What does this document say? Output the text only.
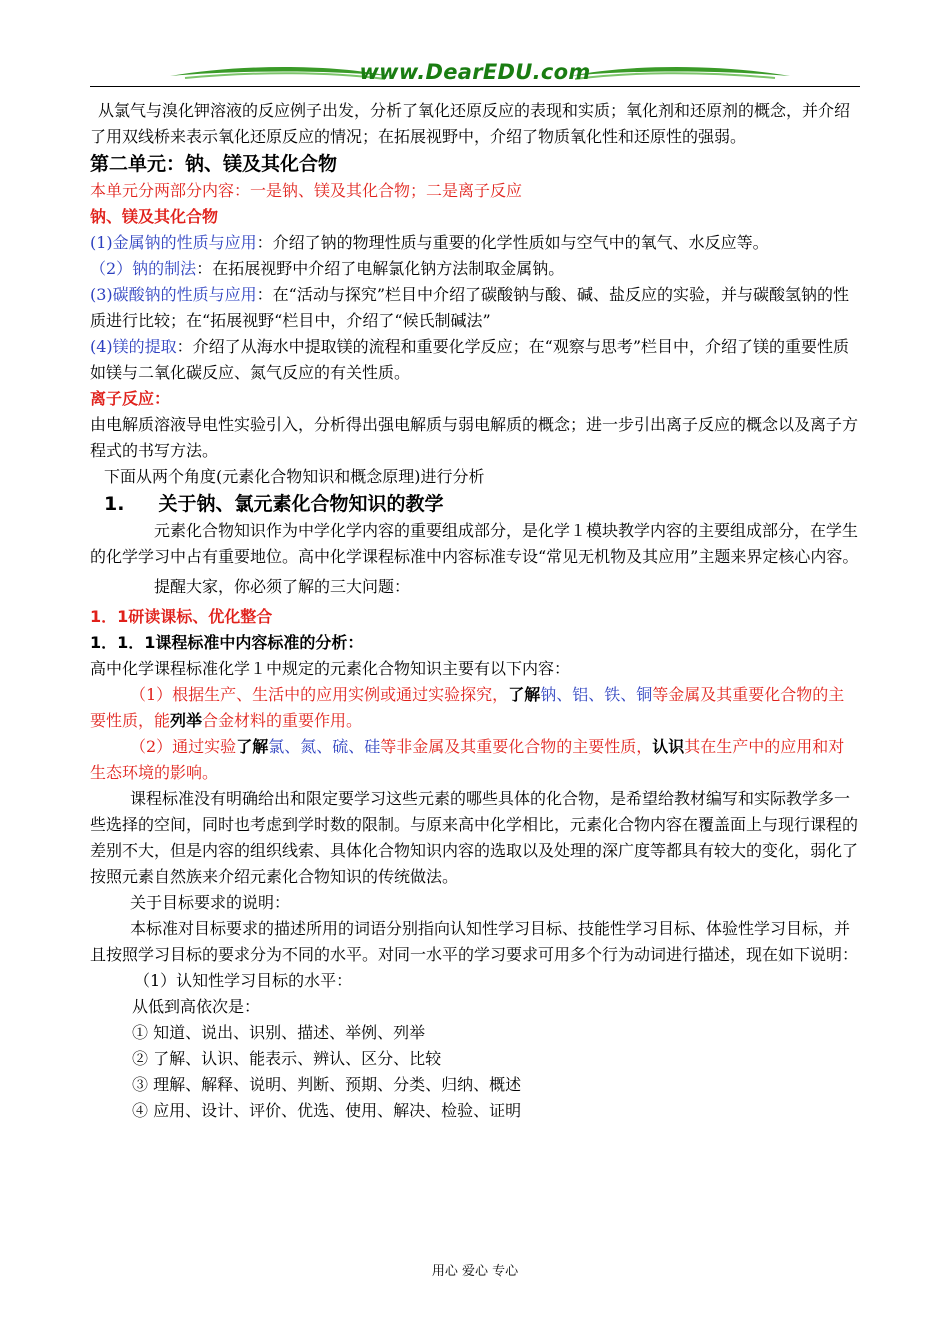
www.DearEDU.com

从氯气与溴化钾溶液的反应例子出发，分析了氧化还原反应的表现和实质；氧化剂和还原剂的概念，并介绍了用双线桥来表示氧化还原反应的情况；在拓展视野中，介绍了物质氧化性和还原性的强弱。

第二单元：钠、镁及其化合物

本单元分两部分内容：一是钠、镁及其化合物；二是离子反应

钠、镁及其化合物

(1)金属钠的性质与应用：介绍了钠的物理性质与重要的化学性质如与空气中的氧气、水反应等。

（2）钠的制法：在拓展视野中介绍了电解氯化钠方法制取金属钠。

(3)碳酸钠的性质与应用：在“活动与探究”栏目中介绍了碳酸钠与酸、碱、盐反应的实验，并与碳酸氢钠的性质进行比较；在“拓展视野“栏目中，介绍了“候氏制碱法”

(4)镁的提取：介绍了从海水中提取镁的流程和重要化学反应；在“观察与思考”栏目中，介绍了镁的重要性质如镁与二氧化碳反应、氮气反应的有关性质。

离子反应：

由电解质溶液导电性实验引入，分析得出强电解质与弱电解质的概念；进一步引出离子反应的概念以及离子方程式的书写方法。

下面从两个角度(元素化合物知识和概念原理)进行分析

1. 关于钠、氯元素化合物知识的教学

元素化合物知识作为中学化学内容的重要组成部分，是化学１模块教学内容的主要组成部分，在学生的化学学习中占有重要地位。高中化学课程标准中内容标准专设“常见无机物及其应用”主题来界定核心内容。

提醒大家，你必须了解的三大问题：

1．1研读课标、优化整合

1．1．1课程标准中内容标准的分析：

高中化学课程标准化学１中规定的元素化合物知识主要有以下内容：

（1）根据生产、生活中的应用实例或通过实验探究，了解钠、铝、铁、铜等金属及其重要化合物的主要性质，能列举合金材料的重要作用。

（2）通过实验了解氯、氮、硫、硅等非金属及其重要化合物的主要性质，认识其在生产中的应用和对生态环境的影响。

课程标准没有明确给出和限定要学习这些元素的哪些具体的化合物，是希望给教材编写和实际教学多一些选择的空间，同时也考虑到学时数的限制。与原来高中化学相比，元素化合物内容在覆盖面上与现行课程的差别不大，但是内容的组织线索、具体化合物知识内容的选取以及处理的深广度等都具有较大的变化，弱化了按照元素自然族来介绍元素化合物知识的传统做法。

关于目标要求的说明：

本标准对目标要求的描述所用的词语分别指向认知性学习目标、技能性学习目标、体验性学习目标，并且按照学习目标的要求分为不同的水平。对同一水平的学习要求可用多个行为动词进行描述，现在如下说明：

（1）认知性学习目标的水平：

从低到高依次是：

① 知道、说出、识别、描述、举例、列举

② 了解、认识、能表示、辨认、区分、比较

③ 理解、解释、说明、判断、预期、分类、归纳、概述

④ 应用、设计、评价、优选、使用、解决、检验、证明

用心 爱心 专心
